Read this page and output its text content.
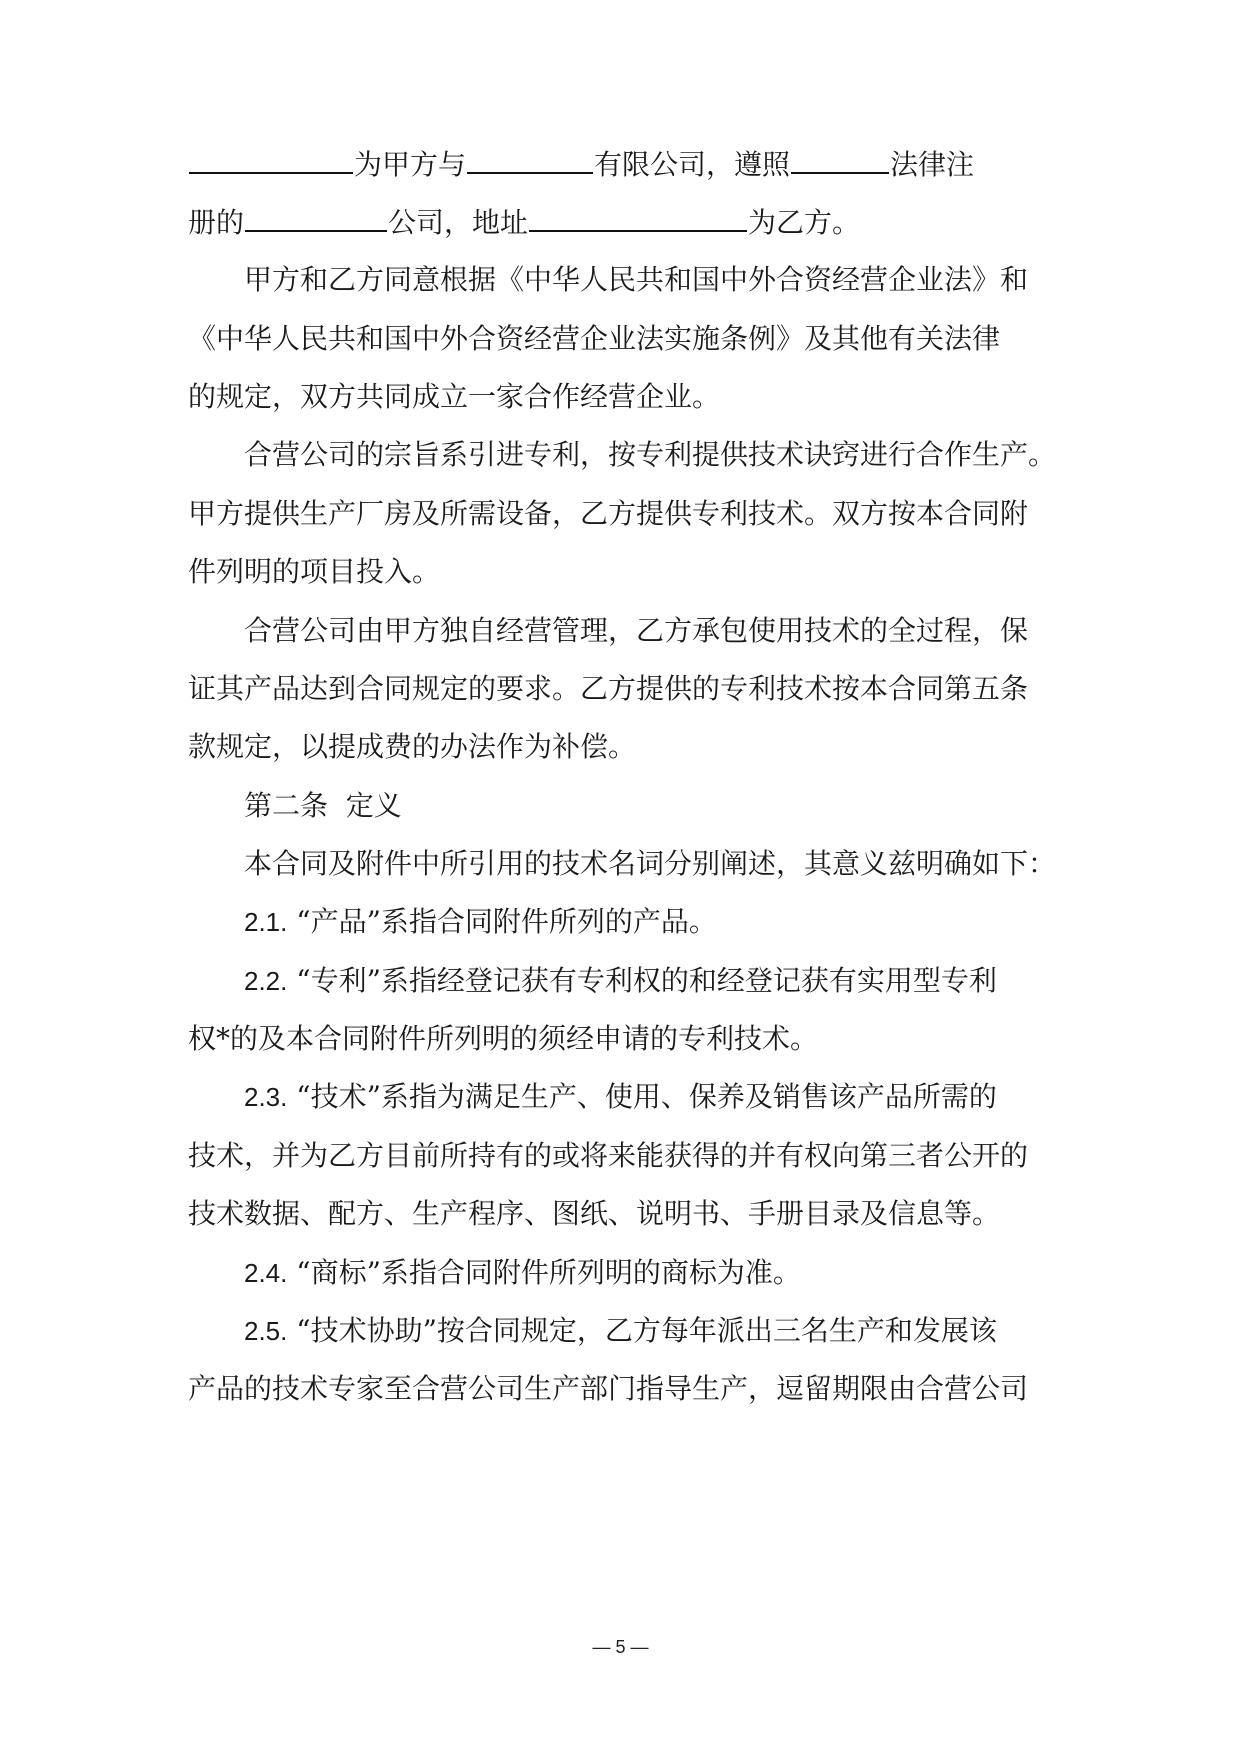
为甲方与	有限公司，遵照	法律注
册的	公司，地址	为乙方。
甲方和乙方同意根据《中华人民共和国中外合资经营企业法》和
《中华人民共和国中外合资经营企业法实施条例》及其他有关法律
的规定，双方共同成立一家合作经营企业。
合营公司的宗旨系引进专利，按专利提供技术诀窍进行合作生产。
甲方提供生产厂房及所需设备，乙方提供专利技术。双方按本合同附
件列明的项目投入。
合营公司由甲方独自经营管理，乙方承包使用技术的全过程，保
证其产品达到合同规定的要求。乙方提供的专利技术按本合同第五条
款规定，以提成费的办法作为补偿。
第二条  定义
本合同及附件中所引用的技术名词分别阐述，其意义兹明确如下：
2.1. “产品”系指合同附件所列的产品。
2.2. “专利”系指经登记获有专利权的和经登记获有实用型专利
权*的及本合同附件所列明的须经申请的专利技术。
2.3. “技术”系指为满足生产、使用、保养及销售该产品所需的
技术，并为乙方目前所持有的或将来能获得的并有权向第三者公开的
技术数据、配方、生产程序、图纸、说明书、手册目录及信息等。
2.4. “商标”系指合同附件所列明的商标为准。
2.5. “技术协助”按合同规定，乙方每年派出三名生产和发展该
产品的技术专家至合营公司生产部门指导生产，逗留期限由合营公司
— 5 —
